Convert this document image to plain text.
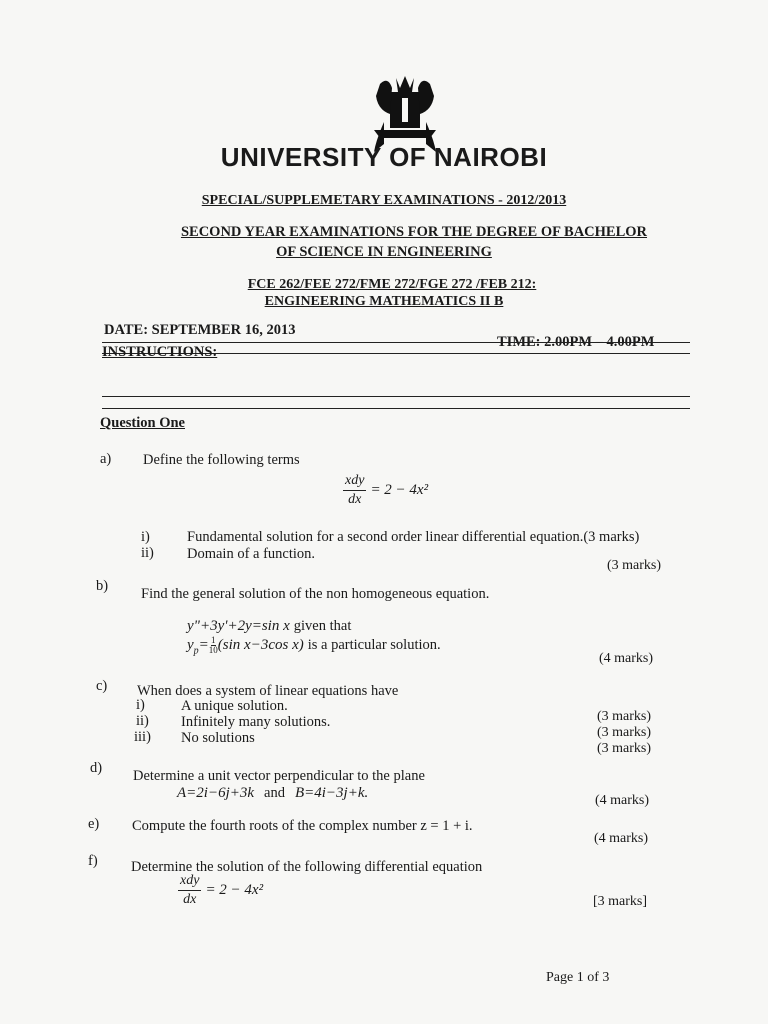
UNIVERSITY OF NAIROBI
SPECIAL/SUPPLEMETARY EXAMINATIONS - 2012/2013
SECOND YEAR EXAMINATIONS FOR THE DEGREE OF BACHELOR
OF SCIENCE IN ENGINEERING
FCE 262/FEE 272/FME 272/FGE 272 /FEB 212:
ENGINEERING MATHEMATICS II B
DATE: SEPTEMBER 16, 2013
TIME: 2.00PM – 4.00PM
INSTRUCTIONS:
Question One
a) Define the following terms
$\frac{\text{xdy}}{dx} = 2 - 4x^2$
i)	Fundamental solution for a second order linear differential equation.(3 marks)
ii) Domain of a function.
(3 marks)
b) Find the general solution of the non homogeneous equation.
y"+3y'+2y=sin x given that
$y_p= \frac{1}{10} (\sin$ x−3cos x) is a particular solution.
(4 marks)
c) When does a system of linear equations have
i) A unique solution.
ii) Infinitely many solutions.
iii) No solutions
(3 marks)
(3 marks)
(3 marks)
d) Determine a unit vector perpendicular to the plane
A=2i−6j+3k and B=4i−3j+k.	(4 marks)
e) Compute the fourth roots of the complex number z = 1 + i.
(4 marks)
f) Determine the solution of the following differential equation
$\frac{\text{xdy}}{dx} = 2 - 4x^2$
[3 marks]
Page 1 of 3
